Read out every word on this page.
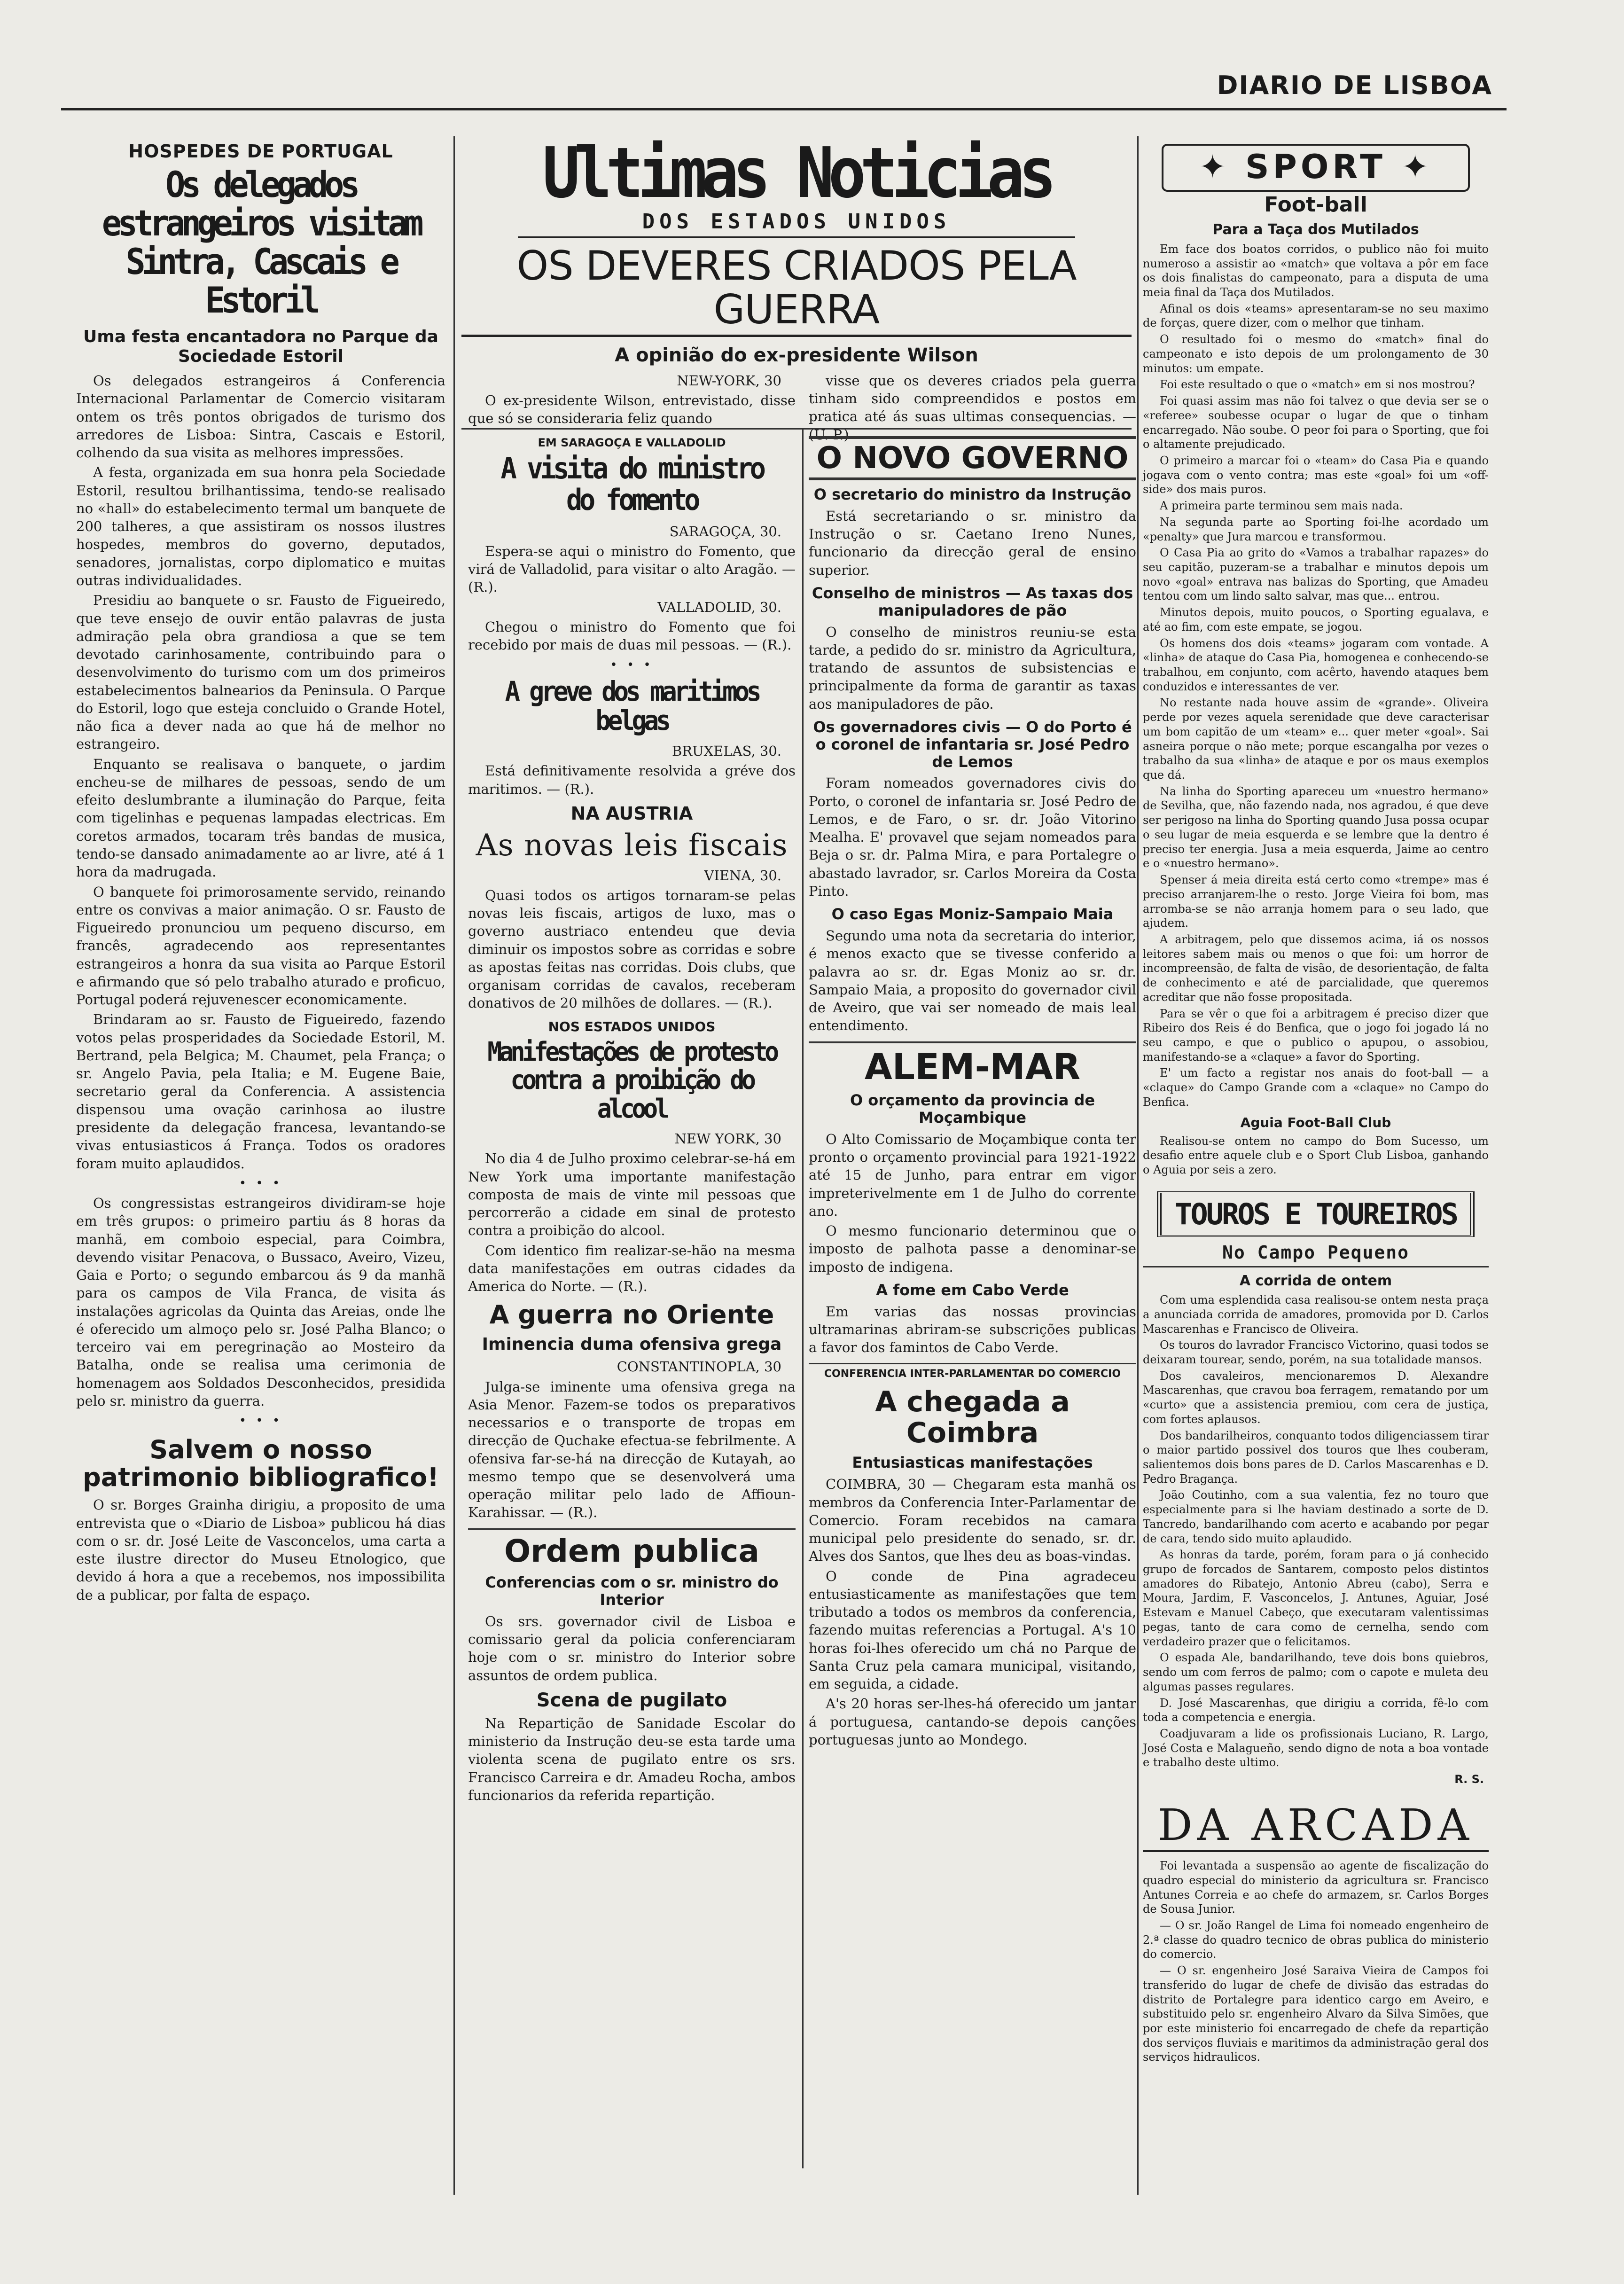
DIARIO DE LISBOA
HOSPEDES DE PORTUGAL
Os delegados estrangeiros visitam Sintra, Cascais e Estoril
Uma festa encantadora no Parque da Sociedade Estoril

Os delegados estrangeiros á Conferencia Internacional Parlamentar de Comercio visitaram ontem os três pontos obrigados de turismo dos arredores de Lisboa: Sintra, Cascais e Estoril, colhendo da sua visita as melhores impressões.

A festa, organizada em sua honra pela Sociedade Estoril, resultou brilhantissima, tendo-se realisado no «hall» do estabelecimento termal um banquete de 200 talheres, a que assistiram os nossos ilustres hospedes, membros do governo, deputados, senadores, jornalistas, corpo diplomatico e muitas outras individualidades.

Presidiu ao banquete o sr. Fausto de Figueiredo, que teve ensejo de ouvir então palavras de justa admiração pela obra grandiosa a que se tem devotado carinhosamente, contribuindo para o desenvolvimento do turismo com um dos primeiros estabelecimentos balnearios da Peninsula. O Parque do Estoril, logo que esteja concluido o Grande Hotel, não fica a dever nada ao que há de melhor no estrangeiro.

Enquanto se realisava o banquete, o jardim encheu-se de milhares de pessoas, sendo de um efeito deslumbrante a iluminação do Parque, feita com tigelinhas e pequenas lampadas electricas. Em coretos armados, tocaram três bandas de musica, tendo-se dansado animadamente ao ar livre, até á 1 hora da madrugada.

O banquete foi primorosamente servido, reinando entre os convivas a maior animação. O sr. Fausto de Figueiredo pronunciou um pequeno discurso, em francês, agradecendo aos representantes estrangeiros a honra da sua visita ao Parque Estoril e afirmando que só pelo trabalho aturado e proficuo, Portugal poderá rejuvenescer economicamente.

Brindaram ao sr. Fausto de Figueiredo, fazendo votos pelas prosperidades da Sociedade Estoril, M. Bertrand, pela Belgica; M. Chaumet, pela França; o sr. Angelo Pavia, pela Italia; e M. Eugene Baie, secretario geral da Conferencia. A assistencia dispensou uma ovação carinhosa ao ilustre presidente da delegação francesa, levantando-se vivas entusiasticos á França. Todos os oradores foram muito aplaudidos.

• • •

Os congressistas estrangeiros dividiram-se hoje em três grupos: o primeiro partiu ás 8 horas da manhã, em comboio especial, para Coimbra, devendo visitar Penacova, o Bussaco, Aveiro, Vizeu, Gaia e Porto; o segundo embarcou ás 9 da manhã para os campos de Vila Franca, de visita ás instalações agricolas da Quinta das Areias, onde lhe é oferecido um almoço pelo sr. José Palha Blanco; o terceiro vai em peregrinação ao Mosteiro da Batalha, onde se realisa uma cerimonia de homenagem aos Soldados Desconhecidos, presidida pelo sr. ministro da guerra.

• • •
Salvem o nosso patrimonio bibliografico!

O sr. Borges Grainha dirigiu, a proposito de uma entrevista que o «Diario de Lisboa» publicou há dias com o sr. dr. José Leite de Vasconcelos, uma carta a este ilustre director do Museu Etnologico, que devido á hora a que a recebemos, nos impossibilita de a publicar, por falta de espaço.

Ultimas Noticias
DOS ESTADOS UNIDOS
OS DEVERES CRIADOS PELA GUERRA
A opinião do ex-presidente Wilson

NEW-YORK, 30

O ex-presidente Wilson, entrevistado, disse que só se consideraria feliz quando

visse que os deveres criados pela guerra tinham sido compreendidos e postos em pratica até ás suas ultimas consequencias. — (U. P.)

EM SARAGOÇA E VALLADOLID
A visita do ministro do fomento

SARAGOÇA, 30.

Espera-se aqui o ministro do Fomento, que virá de Valladolid, para visitar o alto Aragão. — (R.).

VALLADOLID, 30.

Chegou o ministro do Fomento que foi recebido por mais de duas mil pessoas. — (R.).

• • •
A greve dos maritimos belgas

BRUXELAS, 30.

Está definitivamente resolvida a gréve dos maritimos. — (R.).

NA AUSTRIA
As novas leis fiscais

VIENA, 30.

Quasi todos os artigos tornaram-se pelas novas leis fiscais, artigos de luxo, mas o governo austriaco entendeu que devia diminuir os impostos sobre as corridas e sobre as apostas feitas nas corridas. Dois clubs, que organisam corridas de cavalos, receberam donativos de 20 milhões de dollares. — (R.).

NOS ESTADOS UNIDOS
Manifestações de protesto contra a proibição do alcool

NEW YORK, 30

No dia 4 de Julho proximo celebrar-se-há em New York uma importante manifestação composta de mais de vinte mil pessoas que percorrerão a cidade em sinal de protesto contra a proibição do alcool.

Com identico fim realizar-se-hão na mesma data manifestações em outras cidades da America do Norte. — (R.).

A guerra no Oriente
Iminencia duma ofensiva grega

CONSTANTINOPLA, 30

Julga-se iminente uma ofensiva grega na Asia Menor. Fazem-se todos os preparativos necessarios e o transporte de tropas em direcção de Quchake efectua-se febrilmente. A ofensiva far-se-há na direcção de Kutayah, ao mesmo tempo que se desenvolverá uma operação militar pelo lado de Affioun-Karahissar. — (R.).

Ordem publica
Conferencias com o sr. ministro do Interior

Os srs. governador civil de Lisboa e comissario geral da policia conferenciaram hoje com o sr. ministro do Interior sobre assuntos de ordem publica.

Scena de pugilato

Na Repartição de Sanidade Escolar do ministerio da Instrução deu-se esta tarde uma violenta scena de pugilato entre os srs. Francisco Carreira e dr. Amadeu Rocha, ambos funcionarios da referida repartição.

O NOVO GOVERNO
O secretario do ministro da Instrução

Está secretariando o sr. ministro da Instrução o sr. Caetano Ireno Nunes, funcionario da direcção geral de ensino superior.

Conselho de ministros — As taxas dos manipuladores de pão

O conselho de ministros reuniu-se esta tarde, a pedido do sr. ministro da Agricultura, tratando de assuntos de subsistencias e principalmente da forma de garantir as taxas aos manipuladores de pão.

Os governadores civis — O do Porto é o coronel de infantaria sr. José Pedro de Lemos

Foram nomeados governadores civis do Porto, o coronel de infantaria sr. José Pedro de Lemos, e de Faro, o sr. dr. João Vitorino Mealha. E' provavel que sejam nomeados para Beja o sr. dr. Palma Mira, e para Portalegre o abastado lavrador, sr. Carlos Moreira da Costa Pinto.

O caso Egas Moniz-Sampaio Maia

Segundo uma nota da secretaria do interior, é menos exacto que se tivesse conferido a palavra ao sr. dr. Egas Moniz ao sr. dr. Sampaio Maia, a proposito do governador civil de Aveiro, que vai ser nomeado de mais leal entendimento.

ALEM-MAR
O orçamento da provincia de Moçambique

O Alto Comissario de Moçambique conta ter pronto o orçamento provincial para 1921-1922 até 15 de Junho, para entrar em vigor impreterivelmente em 1 de Julho do corrente ano.

O mesmo funcionario determinou que o imposto de palhota passe a denominar-se imposto de indigena.

A fome em Cabo Verde

Em varias das nossas provincias ultramarinas abriram-se subscrições publicas a favor dos famintos de Cabo Verde.

CONFERENCIA INTER-PARLAMENTAR DO COMERCIO
A chegada a Coimbra
Entusiasticas manifestações

COIMBRA, 30 — Chegaram esta manhã os membros da Conferencia Inter-Parlamentar de Comercio. Foram recebidos na camara municipal pelo presidente do senado, sr. dr. Alves dos Santos, que lhes deu as boas-vindas.

O conde de Pina agradeceu entusiasticamente as manifestações que tem tributado a todos os membros da conferencia, fazendo muitas referencias a Portugal. A's 10 horas foi-lhes oferecido um chá no Parque de Santa Cruz pela camara municipal, visitando, em seguida, a cidade.

A's 20 horas ser-lhes-há oferecido um jantar á portuguesa, cantando-se depois canções portuguesas junto ao Mondego.

✦ SPORT ✦
Foot-ball
Para a Taça dos Mutilados

Em face dos boatos corridos, o publico não foi muito numeroso a assistir ao «match» que voltava a pôr em face os dois finalistas do campeonato, para a disputa de uma meia final da Taça dos Mutilados.

Afinal os dois «teams» apresentaram-se no seu maximo de forças, quere dizer, com o melhor que tinham.

O resultado foi o mesmo do «match» final do campeonato e isto depois de um prolongamento de 30 minutos: um empate.

Foi este resultado o que o «match» em si nos mostrou?

Foi quasi assim mas não foi talvez o que devia ser se o «referee» soubesse ocupar o lugar de que o tinham encarregado. Não soube. O peor foi para o Sporting, que foi o altamente prejudicado.

O primeiro a marcar foi o «team» do Casa Pia e quando jogava com o vento contra; mas este «goal» foi um «off-side» dos mais puros.

A primeira parte terminou sem mais nada.

Na segunda parte ao Sporting foi-lhe acordado um «penalty» que Jura marcou e transformou.

O Casa Pia ao grito do «Vamos a trabalhar rapazes» do seu capitão, puzeram-se a trabalhar e minutos depois um novo «goal» entrava nas balizas do Sporting, que Amadeu tentou com um lindo salto salvar, mas que... entrou.

Minutos depois, muito poucos, o Sporting egualava, e até ao fim, com este empate, se jogou.

Os homens dos dois «teams» jogaram com vontade. A «linha» de ataque do Casa Pia, homogenea e conhecendo-se trabalhou, em conjunto, com acêrto, havendo ataques bem conduzidos e interessantes de ver.

No restante nada houve assim de «grande». Oliveira perde por vezes aquela serenidade que deve caracterisar um bom capitão de um «team» e... quer meter «goal». Sai asneira porque o não mete; porque escangalha por vezes o trabalho da sua «linha» de ataque e por os maus exemplos que dá.

Na linha do Sporting apareceu um «nuestro hermano» de Sevilha, que, não fazendo nada, nos agradou, é que deve ser perigoso na linha do Sporting quando Jusa possa ocupar o seu lugar de meia esquerda e se lembre que la dentro é preciso ter energia. Jusa a meia esquerda, Jaime ao centro e o «nuestro hermano».

Spenser á meia direita está certo como «trempe» mas é preciso arranjarem-lhe o resto. Jorge Vieira foi bom, mas arromba-se se não arranja homem para o seu lado, que ajudem.

A arbitragem, pelo que dissemos acima, iá os nossos leitores sabem mais ou menos o que foi: um horror de incompreensão, de falta de visão, de desorientação, de falta de conhecimento e até de parcialidade, que queremos acreditar que não fosse propositada.

Para se vêr o que foi a arbitragem é preciso dizer que Ribeiro dos Reis é do Benfica, que o jogo foi jogado lá no seu campo, e que o publico o apupou, o assobiou, manifestando-se a «claque» a favor do Sporting.

E' um facto a registar nos anais do foot-ball — a «claque» do Campo Grande com a «claque» no Campo do Benfica.

Aguia Foot-Ball Club

Realisou-se ontem no campo do Bom Sucesso, um desafio entre aquele club e o Sport Club Lisboa, ganhando o Aguia por seis a zero.

TOUROS E TOUREIROS
No Campo Pequeno
A corrida de ontem

Com uma esplendida casa realisou-se ontem nesta praça a anunciada corrida de amadores, promovida por D. Carlos Mascarenhas e Francisco de Oliveira.

Os touros do lavrador Francisco Victorino, quasi todos se deixaram tourear, sendo, porém, na sua totalidade mansos.

Dos cavaleiros, mencionaremos D. Alexandre Mascarenhas, que cravou boa ferragem, rematando por um «curto» que a assistencia premiou, com cera de justiça, com fortes aplausos.

Dos bandarilheiros, conquanto todos diligenciassem tirar o maior partido possivel dos touros que lhes couberam, salientemos dois bons pares de D. Carlos Mascarenhas e D. Pedro Bragança.

João Coutinho, com a sua valentia, fez no touro que especialmente para si lhe haviam destinado a sorte de D. Tancredo, bandarilhando com acerto e acabando por pegar de cara, tendo sido muito aplaudido.

As honras da tarde, porém, foram para o já conhecido grupo de forcados de Santarem, composto pelos distintos amadores do Ribatejo, Antonio Abreu (cabo), Serra e Moura, Jardim, F. Vasconcelos, J. Antunes, Aguiar, José Estevam e Manuel Cabeço, que executaram valentissimas pegas, tanto de cara como de cernelha, sendo com verdadeiro prazer que o felicitamos.

O espada Ale, bandarilhando, teve dois bons quiebros, sendo um com ferros de palmo; com o capote e muleta deu algumas passes regulares.

D. José Mascarenhas, que dirigiu a corrida, fê-lo com toda a competencia e energia.

Coadjuvaram a lide os profissionais Luciano, R. Largo, José Costa e Malagueño, sendo digno de nota a boa vontade e trabalho deste ultimo.

R. S.
DA ARCADA

Foi levantada a suspensão ao agente de fiscalização do quadro especial do ministerio da agricultura sr. Francisco Antunes Correia e ao chefe do armazem, sr. Carlos Borges de Sousa Junior.

— O sr. João Rangel de Lima foi nomeado engenheiro de 2.ª classe do quadro tecnico de obras publica do ministerio do comercio.

— O sr. engenheiro José Saraiva Vieira de Campos foi transferido do lugar de chefe de divisão das estradas do distrito de Portalegre para identico cargo em Aveiro, e substituido pelo sr. engenheiro Alvaro da Silva Simões, que por este ministerio foi encarregado de chefe da repartição dos serviços fluviais e maritimos da administração geral dos serviços hidraulicos.
